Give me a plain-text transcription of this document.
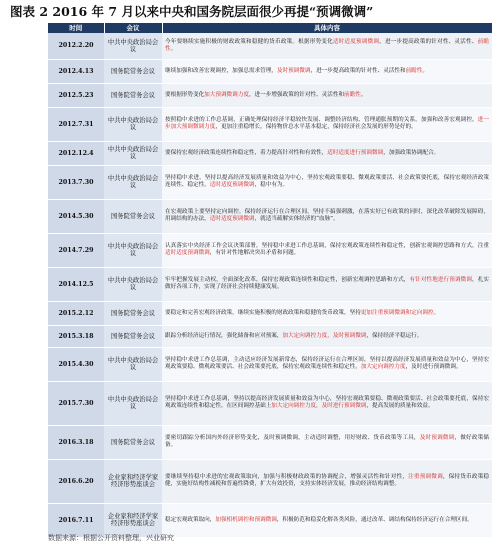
图表 2 2016 年 7 月以来中央和国务院层面很少再提“预调微调”
时间	会议	具体内容
2012.2.20	中共中央政治局会议	今年要继续实施积极的财政政策和稳健的货币政策。根据形势变化适时适度预调微调，进一步提高政策的针对性、灵活性、前瞻性。
2012.4.13	国务院常务会议	继续加强和改善宏观调控，加强总需求管理，及时预调微调，进一步提高政策的针对性、灵活性和前瞻性。
2012.5.23	国务院常务会议	要根据形势变化加大预调微调力度，进一步增强政策的针对性、灵活性和前瞻性。
2012.7.31	中共中央政治局会议	按照稳中求进的工作总基调，正确处理保持经济平稳较快发展、调整经济结构、管理通胀预期的关系，加强和改善宏观调控，进一步加大预调微调力度，更加注重稳增长，保持物价总水平基本稳定，保持经济社会发展的形势是好的。
2012.12.4	中共中央政治局会议	要保持宏观经济政策连续性和稳定性，着力提高针对性和有效性，适时适度进行预调微调，加强政策协调配合。
2013.7.30	中共中央政治局会议	坚持稳中求进，坚持以提高经济发展质量和效益为中心，坚持宏观政策要稳、微观政策要活、社会政策要托底，保持宏观经济政策连续性、稳定性，适时适度预调微调，稳中有为。
2014.5.30	国务院常务会议	在宏观政策上要坚持定向调控。保持经济运行在合理区间，坚持不搞强刺激，在落实好已有政策的同时，深化改革破除发展障碍，用调结构的办法，适时适度预调微调，就适当疏解实体经济的“血脉”。
2014.7.29	中共中央政治局会议	认真落实中央经济工作会议决策部署，坚持稳中求进工作总基调，保持宏观政策连续性和稳定性，创新宏观调控思路和方式，注重适时适度预调微调，有针对性地解决突出矛盾和问题。
2014.12.5	中共中央政治局会议	牢牢把握发展主动权，全面深化改革，保持宏观政策连续性和稳定性，创新宏观调控思路和方式，有针对性地进行预调微调，扎实做好各项工作，实现了经济社会持续健康发展。
2015.2.12	国务院常务会议	要稳定和完善宏观经济政策，继续实施积极的财政政策和稳健的货币政策，坚持更加注重预调微调和定向调控。
2015.3.18	国务院常务会议	跟踪分析经济运行情况，强化储备和应对预案，加大定向调控力度，及时预调微调，保持经济平稳运行。
2015.4.30	中共中央政治局会议	坚持稳中求进工作总基调，主动适应经济发展新常态，保持经济运行在合理区间，坚持以提高经济发展质量和效益为中心，坚持宏观政策要稳、微观政策要活、社会政策要托底，保持宏观政策连续性和稳定性，加大定向调控力度，及时进行预调微调。
2015.7.30	中共中央政治局会议	坚持稳中求进工作总基调，坚持以提高经济发展质量和效益为中心，坚持宏观政策要稳、微观政策要活、社会政策要托底，保持宏观政策连续性和稳定性，在区间调控基础上加大定向调控力度，及时进行预调微调，提高发展的质量和效益。
2016.3.18	国务院常务会议	要密切跟踪分析国内外经济形势变化，及时预调微调，主动适时调整，用好财政、货币政策等工具，及时预调微调，做好政策储备。
2016.6.20	企业家和经济学家经济形势座谈会	要继续坚持稳中求进的宏观政策取向，加强与积极财政政策的协调配合，增强灵活性和针对性，注重预调微调，保持货币政策稳健，实施好结构性减税和普遍性降费，扩大有效投资，支持实体经济发展，推动经济结构调整。
2016.7.11	企业家和经济学家经济形势座谈会	稳定宏观政策取向，加强相机调控和预调微调，积极防范和稳妥化解各类风险，通过改革、调结构保持经济运行在合理区间。
数据来源：根据公开资料整理，兴业研究
